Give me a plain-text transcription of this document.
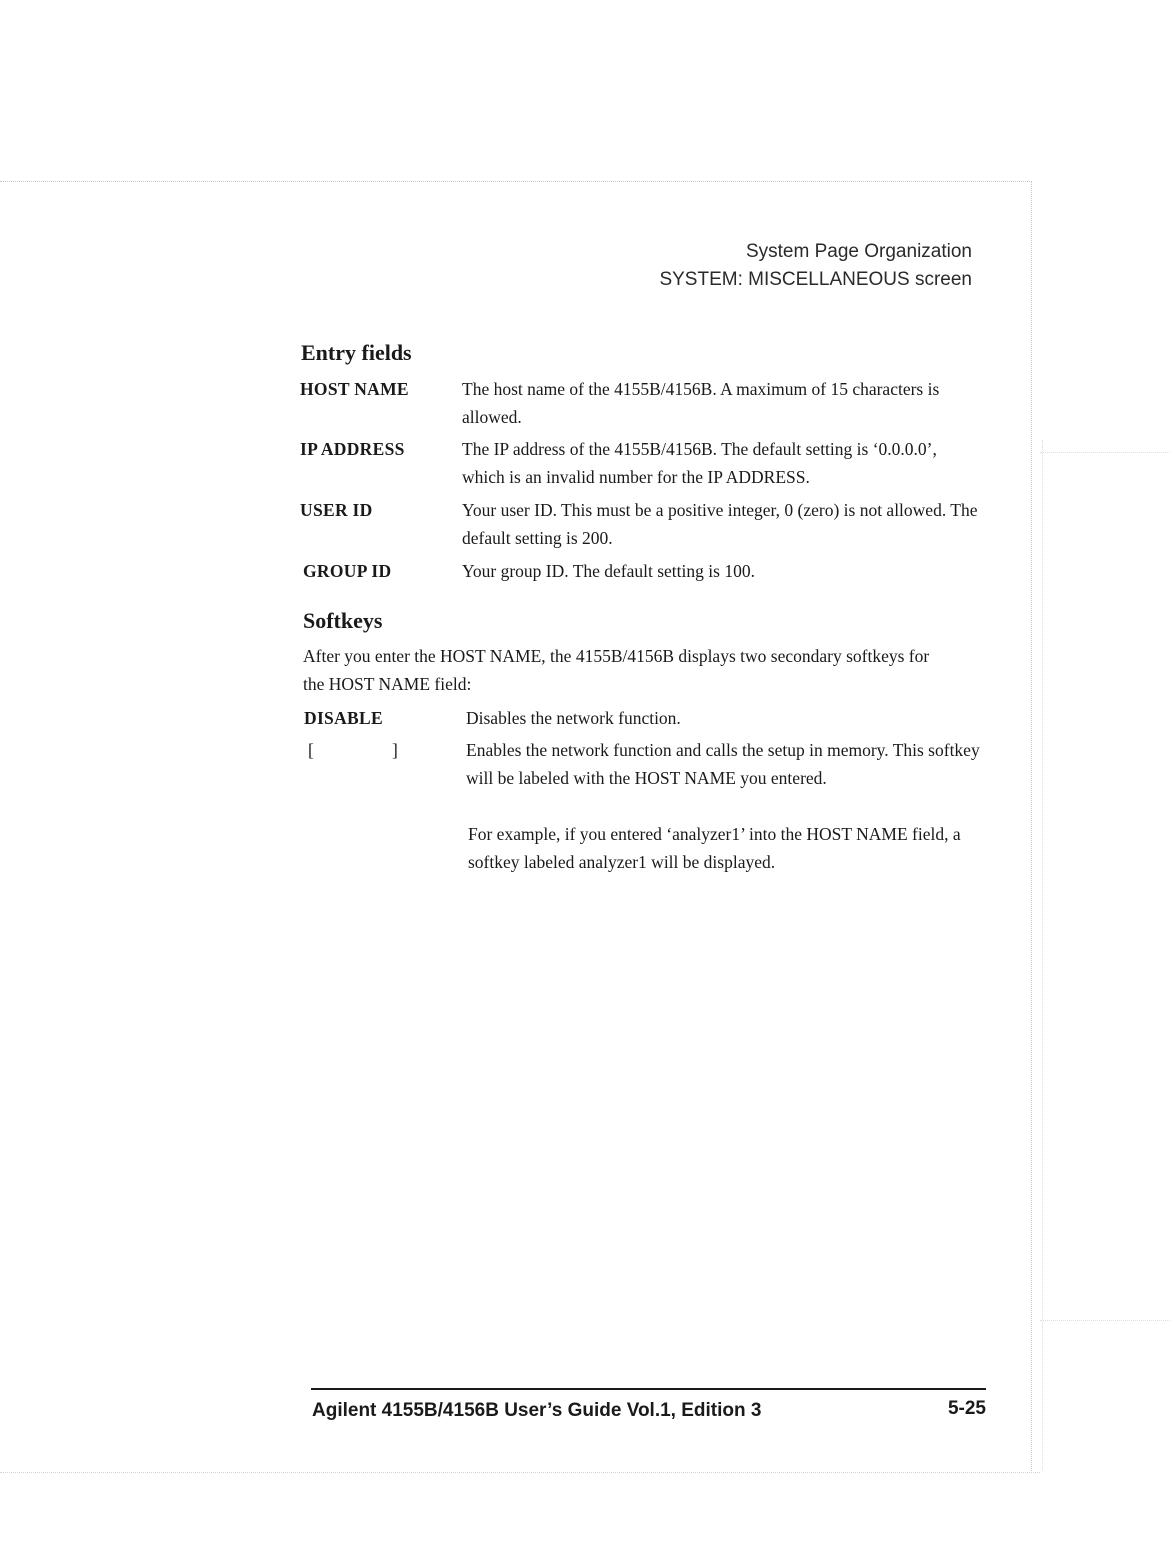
System Page Organization
SYSTEM: MISCELLANEOUS screen
Entry fields
HOST NAME	The host name of the 4155B/4156B. A maximum of 15 characters is allowed.
IP ADDRESS	The IP address of the 4155B/4156B. The default setting is ‘0.0.0.0’, which is an invalid number for the IP ADDRESS.
USER ID	Your user ID. This must be a positive integer, 0 (zero) is not allowed. The default setting is 200.
GROUP ID	Your group ID. The default setting is 100.
Softkeys
After you enter the HOST NAME, the 4155B/4156B displays two secondary softkeys for the HOST NAME field:
DISABLE	Disables the network function.
[	]	Enables the network function and calls the setup in memory. This softkey will be labeled with the HOST NAME you entered.
For example, if you entered ‘analyzer1’ into the HOST NAME field, a softkey labeled analyzer1 will be displayed.
Agilent 4155B/4156B User’s Guide Vol.1, Edition 3	5-25
